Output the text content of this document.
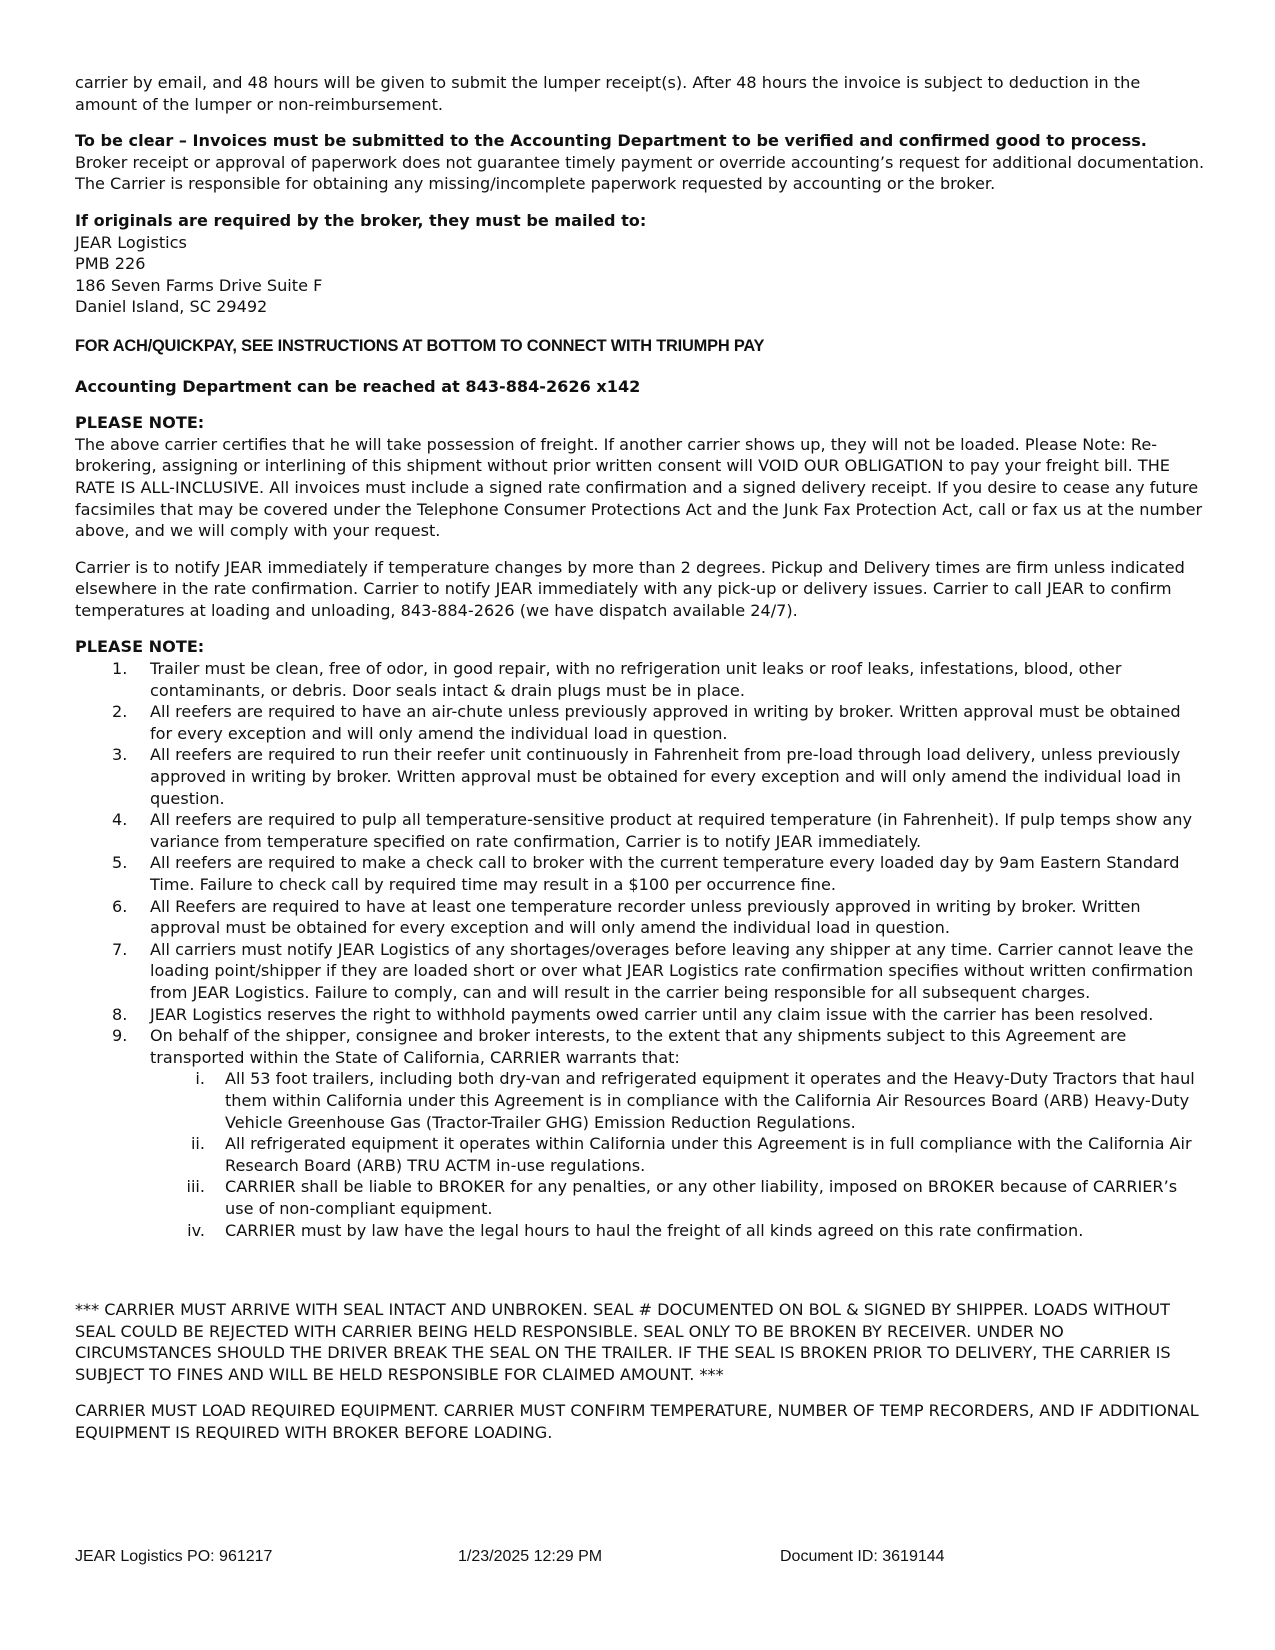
carrier by email, and 48 hours will be given to submit the lumper receipt(s). After 48 hours the invoice is subject to deduction in the amount of the lumper or non-reimbursement.

To be clear – Invoices must be submitted to the Accounting Department to be verified and confirmed good to process.

Broker receipt or approval of paperwork does not guarantee timely payment or override accounting’s request for additional documentation. The Carrier is responsible for obtaining any missing/incomplete paperwork requested by accounting or the broker.

If originals are required by the broker, they must be mailed to:

JEAR Logistics

PMB 226

186 Seven Farms Drive Suite F

Daniel Island, SC 29492

FOR ACH/QUICKPAY, SEE INSTRUCTIONS AT BOTTOM TO CONNECT WITH TRIUMPH PAY

Accounting Department can be reached at 843-884-2626 x142

PLEASE NOTE:

The above carrier certifies that he will take possession of freight. If another carrier shows up, they will not be loaded. Please Note: Re-brokering, assigning or interlining of this shipment without prior written consent will VOID OUR OBLIGATION to pay your freight bill. THE RATE IS ALL-INCLUSIVE. All invoices must include a signed rate confirmation and a signed delivery receipt. If you desire to cease any future facsimiles that may be covered under the Telephone Consumer Protections Act and the Junk Fax Protection Act, call or fax us at the number above, and we will comply with your request.

Carrier is to notify JEAR immediately if temperature changes by more than 2 degrees. Pickup and Delivery times are firm unless indicated elsewhere in the rate confirmation. Carrier to notify JEAR immediately with any pick-up or delivery issues. Carrier to call JEAR to confirm temperatures at loading and unloading, 843-884-2626 (we have dispatch available 24/7).

PLEASE NOTE:

1. Trailer must be clean, free of odor, in good repair, with no refrigeration unit leaks or roof leaks, infestations, blood, other contaminants, or debris. Door seals intact & drain plugs must be in place.
2. All reefers are required to have an air-chute unless previously approved in writing by broker. Written approval must be obtained for every exception and will only amend the individual load in question.
3. All reefers are required to run their reefer unit continuously in Fahrenheit from pre-load through load delivery, unless previously approved in writing by broker. Written approval must be obtained for every exception and will only amend the individual load in question.
4. All reefers are required to pulp all temperature-sensitive product at required temperature (in Fahrenheit). If pulp temps show any variance from temperature specified on rate confirmation, Carrier is to notify JEAR immediately.
5. All reefers are required to make a check call to broker with the current temperature every loaded day by 9am Eastern Standard Time. Failure to check call by required time may result in a $100 per occurrence fine.
6. All Reefers are required to have at least one temperature recorder unless previously approved in writing by broker. Written approval must be obtained for every exception and will only amend the individual load in question.
7. All carriers must notify JEAR Logistics of any shortages/overages before leaving any shipper at any time. Carrier cannot leave the loading point/shipper if they are loaded short or over what JEAR Logistics rate confirmation specifies without written confirmation from JEAR Logistics. Failure to comply, can and will result in the carrier being responsible for all subsequent charges.
8. JEAR Logistics reserves the right to withhold payments owed carrier until any claim issue with the carrier has been resolved.
9. On behalf of the shipper, consignee and broker interests, to the extent that any shipments subject to this Agreement are transported within the State of California, CARRIER warrants that:
i. All 53 foot trailers, including both dry-van and refrigerated equipment it operates and the Heavy-Duty Tractors that haul them within California under this Agreement is in compliance with the California Air Resources Board (ARB) Heavy-Duty Vehicle Greenhouse Gas (Tractor-Trailer GHG) Emission Reduction Regulations.
ii. All refrigerated equipment it operates within California under this Agreement is in full compliance with the California Air Research Board (ARB) TRU ACTM in-use regulations.
iii. CARRIER shall be liable to BROKER for any penalties, or any other liability, imposed on BROKER because of CARRIER’s use of non-compliant equipment.
iv. CARRIER must by law have the legal hours to haul the freight of all kinds agreed on this rate confirmation.

*** CARRIER MUST ARRIVE WITH SEAL INTACT AND UNBROKEN. SEAL # DOCUMENTED ON BOL & SIGNED BY SHIPPER. LOADS WITHOUT SEAL COULD BE REJECTED WITH CARRIER BEING HELD RESPONSIBLE. SEAL ONLY TO BE BROKEN BY RECEIVER. UNDER NO CIRCUMSTANCES SHOULD THE DRIVER BREAK THE SEAL ON THE TRAILER. IF THE SEAL IS BROKEN PRIOR TO DELIVERY, THE CARRIER IS SUBJECT TO FINES AND WILL BE HELD RESPONSIBLE FOR CLAIMED AMOUNT. ***

CARRIER MUST LOAD REQUIRED EQUIPMENT. CARRIER MUST CONFIRM TEMPERATURE, NUMBER OF TEMP RECORDERS, AND IF ADDITIONAL EQUIPMENT IS REQUIRED WITH BROKER BEFORE LOADING.

JEAR Logistics PO: 961217	1/23/2025 12:29 PM	Document ID: 3619144
